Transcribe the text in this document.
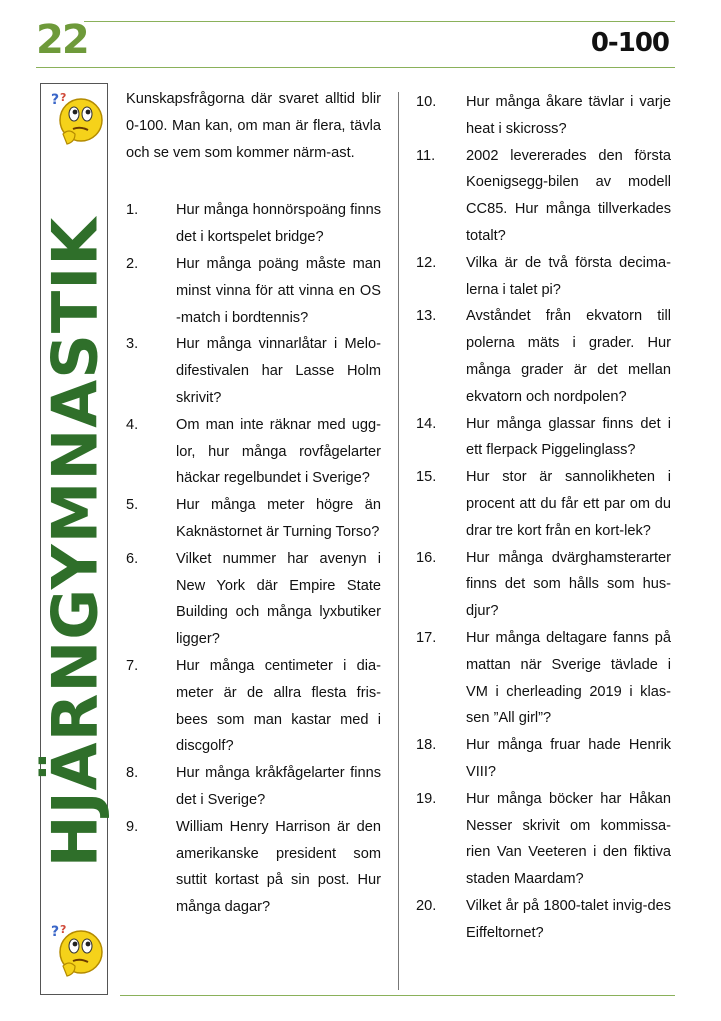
22	0-100
? ?
HJÄRNGYMNASTIK
? ?

Kunskapsfrågorna där svaret alltid blir 0-100. Man kan, om man är flera, tävla och se vem som kommer närm-ast.

1.	Hur många honnörspoäng finns det i kortspelet bridge?
2.	Hur många poäng måste man minst vinna för att vinna en OS -match i bordtennis?
3.	Hur många vinnarlåtar i Melo-difestivalen har Lasse Holm skrivit?
4.	Om man inte räknar med ugg-lor, hur många rovfågelarter häckar regelbundet i Sverige?
5.	Hur många meter högre än Kaknästornet är Turning Torso?
6.	Vilket nummer har avenyn i New York där Empire State Building och många lyxbutiker ligger?
7.	Hur många centimeter i dia-meter är de allra flesta fris-bees som man kastar med i discgolf?
8.	Hur många kråkfågelarter finns det i Sverige?
9.	William Henry Harrison är den amerikanske president som suttit kortast på sin post. Hur många dagar?
10.	Hur många åkare tävlar i varje heat i skicross?
11.	2002 levererades den första Koenigsegg-bilen av modell CC85. Hur många tillverkades totalt?
12.	Vilka är de två första decima-lerna i talet pi?
13.	Avståndet från ekvatorn till polerna mäts i grader. Hur många grader är det mellan ekvatorn och nordpolen?
14.	Hur många glassar finns det i ett flerpack Piggelinglass?
15.	Hur stor är sannolikheten i procent att du får ett par om du drar tre kort från en kort-lek?
16.	Hur många dvärghamsterarter finns det som hålls som hus-djur?
17.	Hur många deltagare fanns på mattan när Sverige tävlade i VM i cherleading 2019 i klas-sen ”All girl”?
18.	Hur många fruar hade Henrik VIII?
19.	Hur många böcker har Håkan Nesser skrivit om kommissa-rien Van Veeteren i den fiktiva staden Maardam?
20.	Vilket år på 1800-talet invig-des Eiffeltornet?
